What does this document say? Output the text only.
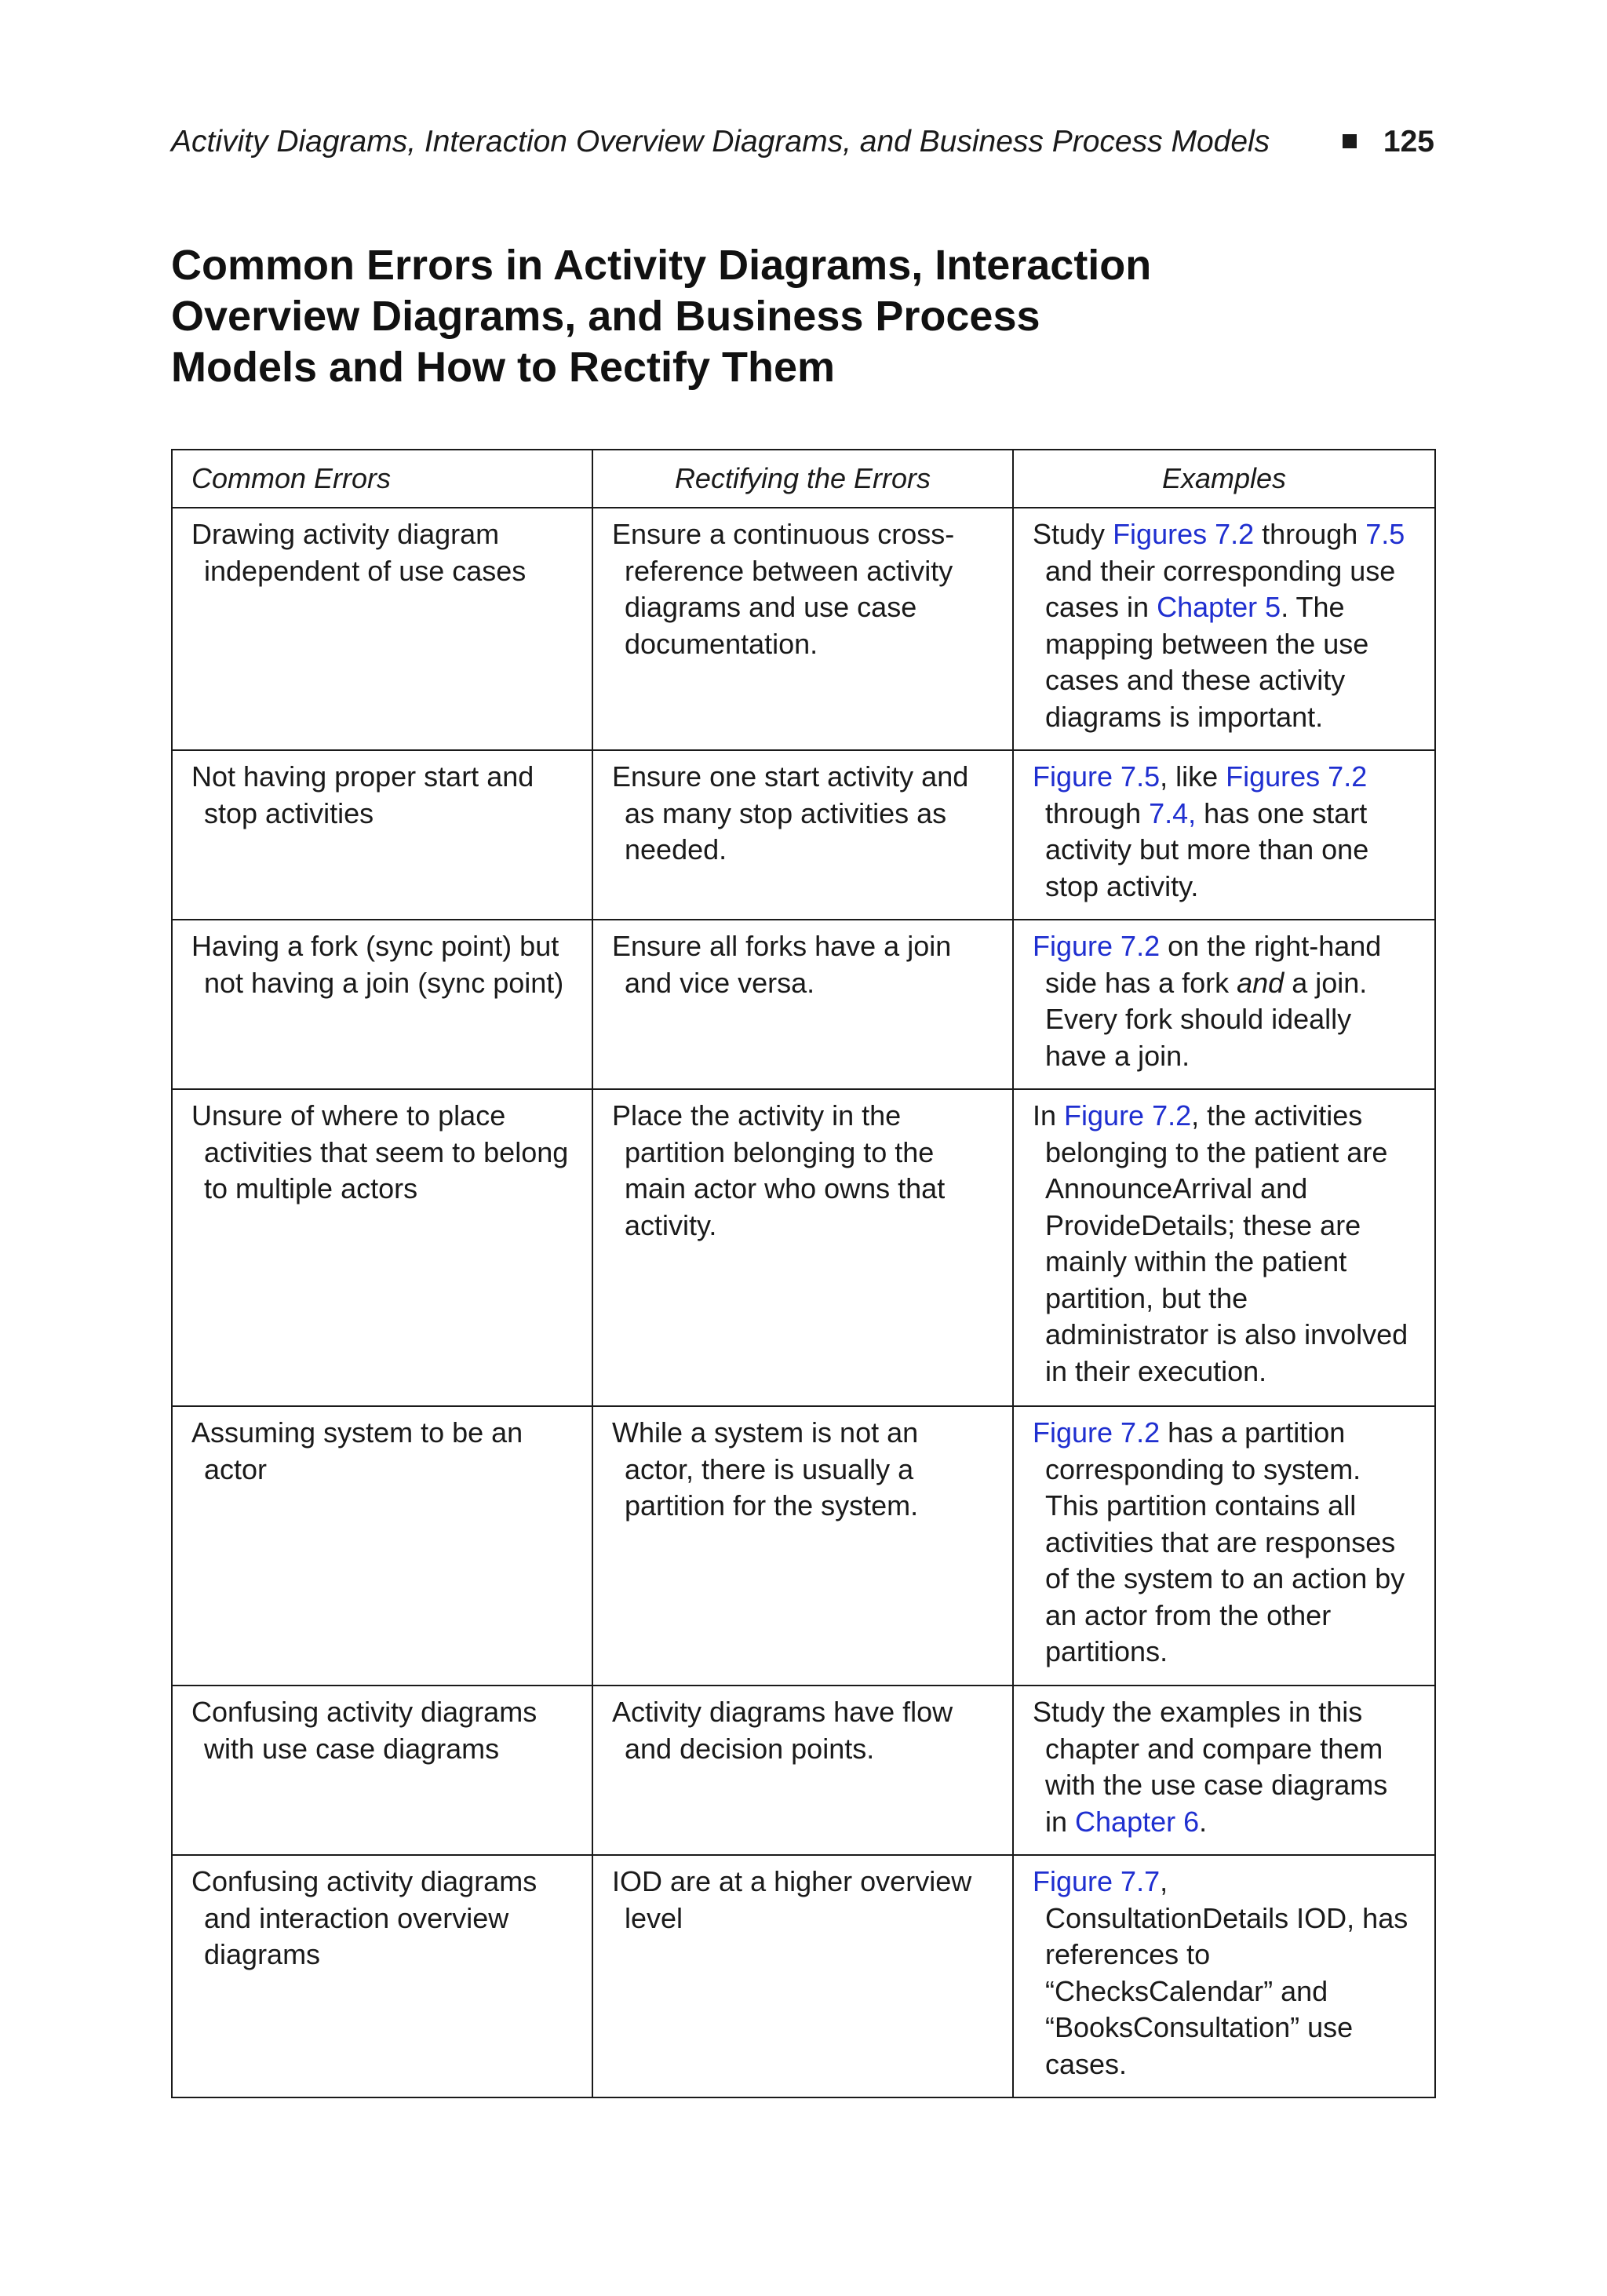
Activity Diagrams, Interaction Overview Diagrams, and Business Process Models	125
Common Errors in Activity Diagrams, Interaction Overview Diagrams, and Business Process Models and How to Rectify Them
Common Errors	Rectifying the Errors	Examples

Drawing activity diagram independent of use cases	Ensure a continuous cross-reference between activity diagrams and use case documentation.	Study Figures 7.2 through 7.5 and their corresponding use cases in Chapter 5. The mapping between the use cases and these activity diagrams is important.

Not having proper start and stop activities	Ensure one start activity and as many stop activities as needed.	Figure 7.5, like Figures 7.2 through 7.4, has one start activity but more than one stop activity.

Having a fork (sync point) but not having a join (sync point)	Ensure all forks have a join and vice versa.	Figure 7.2 on the right-hand side has a fork and a join. Every fork should ideally have a join.

Unsure of where to place activities that seem to belong to multiple actors	Place the activity in the partition belonging to the main actor who owns that activity.	In Figure 7.2, the activities belonging to the patient are AnnounceArrival and ProvideDetails; these are mainly within the patient partition, but the administrator is also involved in their execution.

Assuming system to be an actor	While a system is not an actor, there is usually a partition for the system.	Figure 7.2 has a partition corresponding to system. This partition contains all activities that are responses of the system to an action by an actor from the other partitions.

Confusing activity diagrams with use case diagrams	Activity diagrams have flow and decision points.	Study the examples in this chapter and compare them with the use case diagrams in Chapter 6.

Confusing activity diagrams and interaction overview diagrams	IOD are at a higher overview level	Figure 7.7, ConsultationDetails IOD, has references to “ChecksCalendar” and “BooksConsultation” use cases.
